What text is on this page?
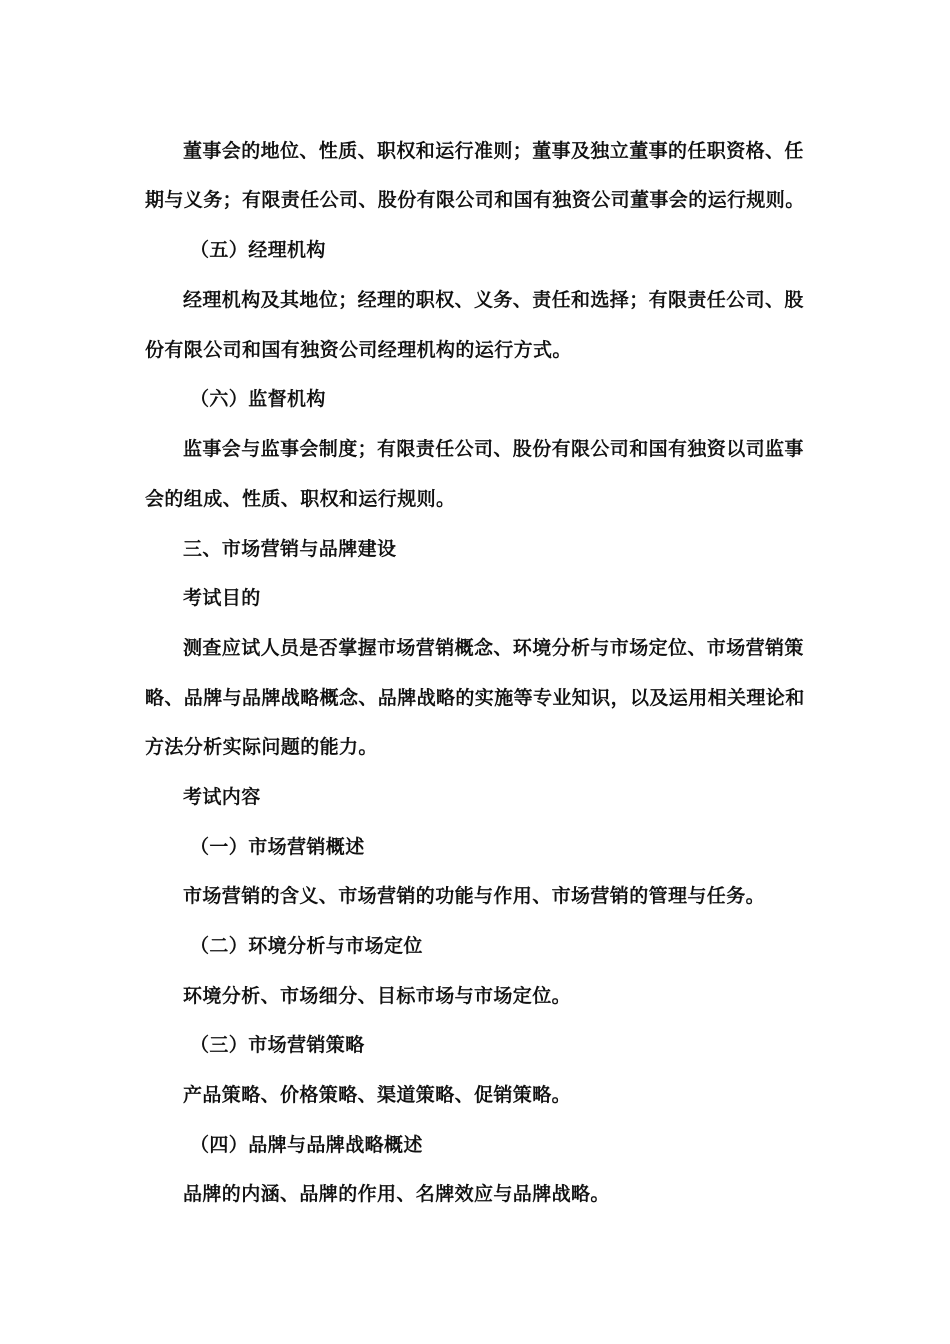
董事会的地位、性质、职权和运行准则；董事及独立董事的任职资格、任
期与义务；有限责任公司、股份有限公司和国有独资公司董事会的运行规则。
（五）经理机构
经理机构及其地位；经理的职权、义务、责任和选择；有限责任公司、股
份有限公司和国有独资公司经理机构的运行方式。
（六）监督机构
监事会与监事会制度；有限责任公司、股份有限公司和国有独资以司监事
会的组成、性质、职权和运行规则。
三、市场营销与品牌建设
考试目的
测查应试人员是否掌握市场营销概念、环境分析与市场定位、市场营销策
略、品牌与品牌战略概念、品牌战略的实施等专业知识，以及运用相关理论和
方法分析实际问题的能力。
考试内容
（一）市场营销概述
市场营销的含义、市场营销的功能与作用、市场营销的管理与任务。
（二）环境分析与市场定位
环境分析、市场细分、目标市场与市场定位。
（三）市场营销策略
产品策略、价格策略、渠道策略、促销策略。
（四）品牌与品牌战略概述
品牌的内涵、品牌的作用、名牌效应与品牌战略。
